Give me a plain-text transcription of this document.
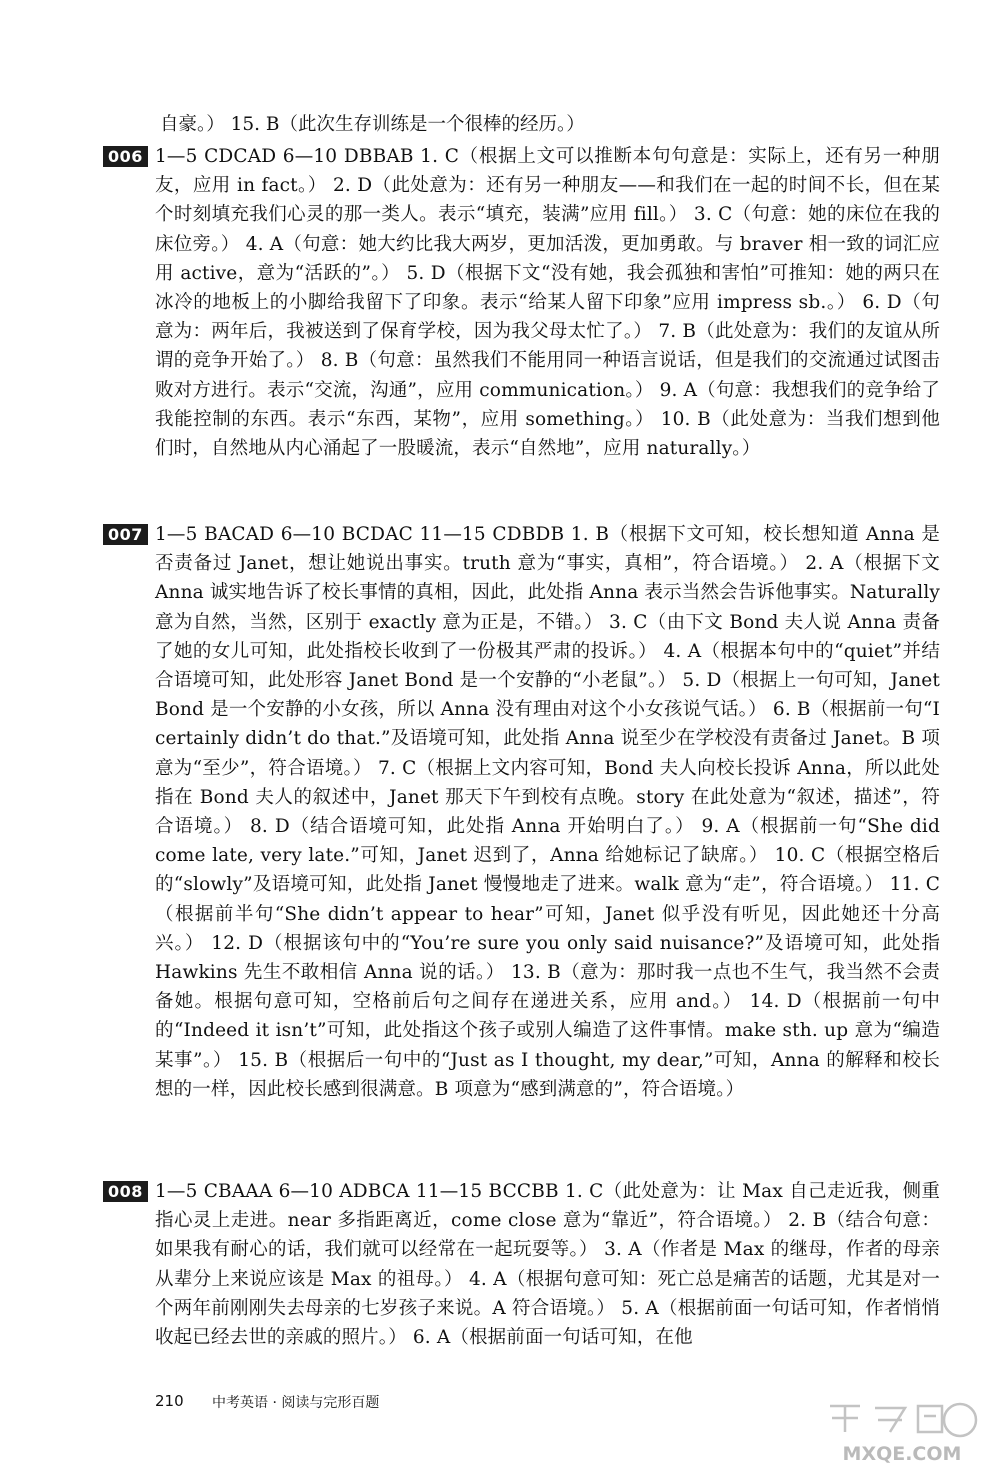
自豪。） 15. B（此次生存训练是一个很棒的经历。）

006 1—5 CDCAD 6—10 DBBAB 1. C（根据上文可以推断本句句意是：实际上，还有另一种朋友，应用 in fact。） 2. D（此处意为：还有另一种朋友——和我们在一起的时间不长，但在某个时刻填充我们心灵的那一类人。表示“填充，装满”应用 fill。） 3. C（句意：她的床位在我的床位旁。） 4. A（句意：她大约比我大两岁，更加活泼，更加勇敢。与 braver 相一致的词汇应用 active，意为“活跃的”。） 5. D（根据下文“没有她，我会孤独和害怕”可推知：她的两只在冰冷的地板上的小脚给我留下了印象。表示“给某人留下印象”应用 impress sb.。） 6. D（句意为：两年后，我被送到了保育学校，因为我父母太忙了。） 7. B（此处意为：我们的友谊从所谓的竞争开始了。） 8. B（句意：虽然我们不能用同一种语言说话，但是我们的交流通过试图击败对方进行。表示“交流，沟通”，应用 communication。） 9. A（句意：我想我们的竞争给了我能控制的东西。表示“东西，某物”，应用 something。） 10. B（此处意为：当我们想到他们时，自然地从内心涌起了一股暖流，表示“自然地”，应用 naturally。）

007 1—5 BACAD 6—10 BCDAC 11—15 CDBDB 1. B（根据下文可知，校长想知道 Anna 是否责备过 Janet，想让她说出事实。truth 意为“事实，真相”，符合语境。） 2. A（根据下文 Anna 诚实地告诉了校长事情的真相，因此，此处指 Anna 表示当然会告诉他事实。Naturally 意为自然，当然，区别于 exactly 意为正是，不错。） 3. C（由下文 Bond 夫人说 Anna 责备了她的女儿可知，此处指校长收到了一份极其严肃的投诉。） 4. A（根据本句中的“quiet”并结合语境可知，此处形容 Janet Bond 是一个安静的“小老鼠”。） 5. D（根据上一句可知，Janet Bond 是一个安静的小女孩，所以 Anna 没有理由对这个小女孩说气话。） 6. B（根据前一句“I certainly didn’t do that.”及语境可知，此处指 Anna 说至少在学校没有责备过 Janet。B 项意为“至少”，符合语境。） 7. C（根据上文内容可知，Bond 夫人向校长投诉 Anna，所以此处指在 Bond 夫人的叙述中，Janet 那天下午到校有点晚。story 在此处意为“叙述，描述”，符合语境。） 8. D（结合语境可知，此处指 Anna 开始明白了。） 9. A（根据前一句“She did come late, very late.”可知，Janet 迟到了，Anna 给她标记了缺席。） 10. C（根据空格后的“slowly”及语境可知，此处指 Janet 慢慢地走了进来。walk 意为“走”，符合语境。） 11. C（根据前半句“She didn’t appear to hear”可知，Janet 似乎没有听见，因此她还十分高兴。） 12. D（根据该句中的“You’re sure you only said nuisance?”及语境可知，此处指 Hawkins 先生不敢相信 Anna 说的话。） 13. B（意为：那时我一点也不生气，我当然不会责备她。根据句意可知，空格前后句之间存在递进关系，应用 and。） 14. D（根据前一句中的“Indeed it isn’t”可知，此处指这个孩子或别人编造了这件事情。make sth. up 意为“编造某事”。） 15. B（根据后一句中的“Just as I thought, my dear,”可知，Anna 的解释和校长想的一样，因此校长感到很满意。B 项意为“感到满意的”，符合语境。）

008 1—5 CBAAA 6—10 ADBCA 11—15 BCCBB 1. C（此处意为：让 Max 自己走近我，侧重指心灵上走进。near 多指距离近，come close 意为“靠近”，符合语境。） 2. B（结合句意：如果我有耐心的话，我们就可以经常在一起玩耍等。） 3. A（作者是 Max 的继母，作者的母亲从辈分上来说应该是 Max 的祖母。） 4. A（根据句意可知：死亡总是痛苦的话题，尤其是对一个两年前刚刚失去母亲的七岁孩子来说。A 符合语境。） 5. A（根据前面一句话可知，作者悄悄收起已经去世的亲戚的照片。） 6. A（根据前面一句话可知，在他

210 中考英语 · 阅读与完形百题
MXQE.COM
